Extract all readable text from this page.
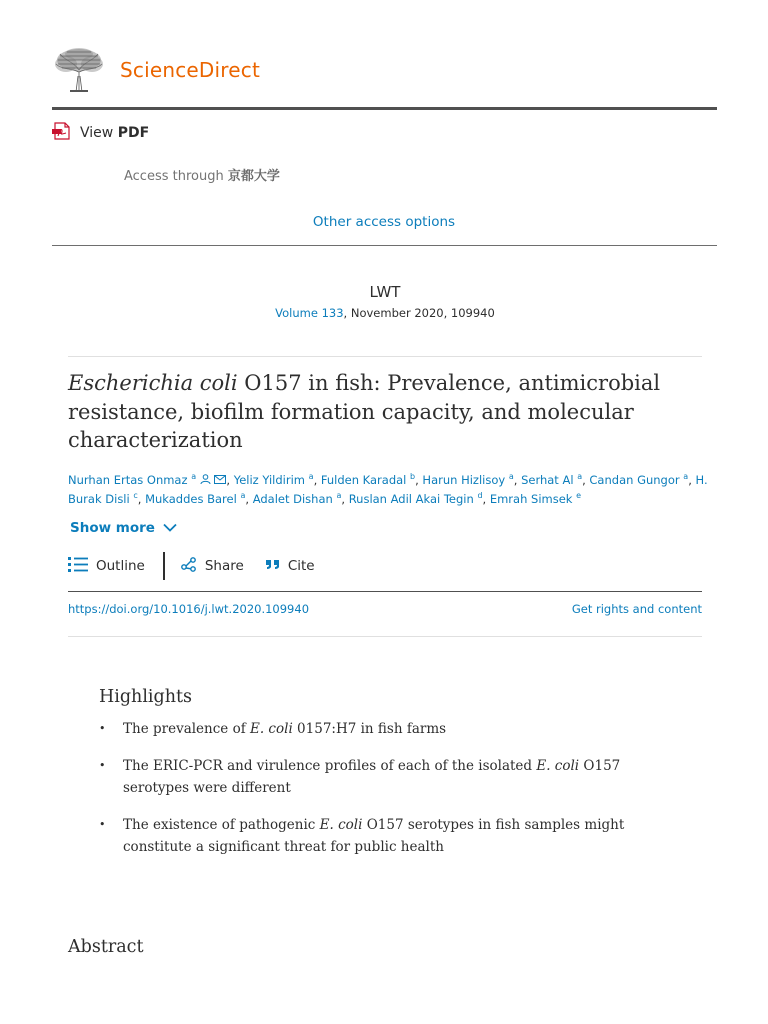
ScienceDirect
View PDF
Access through 京都大学
Other access options
LWT
Volume 133, November 2020, 109940
Escherichia coli O157 in fish: Prevalence, antimicrobial
resistance, biofilm formation capacity, and molecular
characterization
Nurhan Ertas Onmaz $^a$	, Yeliz Yildirim $^a$, Fulden Karadal $^b$, Harun Hizlisoy $^a$, Serhat Al $^a$, Candan Gungor $^a$, H. Burak Disli $^c$, Mukaddes Barel $^a$, Adalet Dishan $^a$, Ruslan Adil Akai Tegin $^d$, Emrah Simsek $^e$
Show more
Outline	Share	Cite
https://doi.org/10.1016/j.lwt.2020.109940	Get rights and content
Highlights
• The prevalence of E. coli 0157:H7 in fish farms
• The ERIC-PCR and virulence profiles of each of the isolated E. coli O157 serotypes were different
• The existence of pathogenic E. coli O157 serotypes in fish samples might constitute a significant threat for public health
Abstract
